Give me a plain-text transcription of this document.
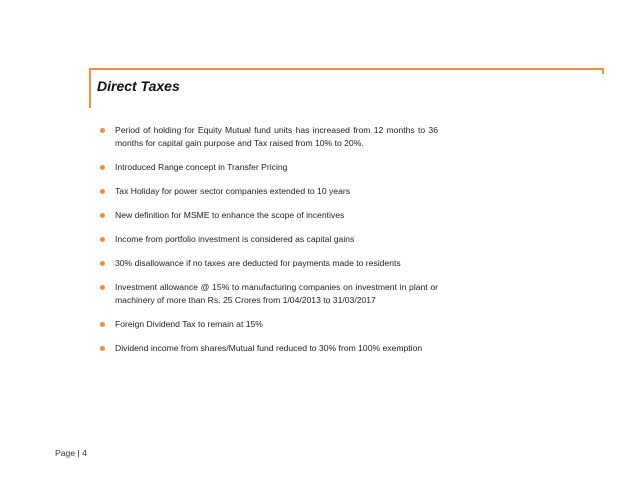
Direct Taxes
Period of holding for Equity Mutual fund units has increased from 12 months to 36 months for capital gain purpose and Tax raised from 10% to 20%.
Introduced Range concept in Transfer Pricing
Tax Holiday for power sector companies extended to 10 years
New definition for MSME to enhance the scope of incentives
Income from portfolio investment is considered as capital gains
30% disallowance if no taxes are deducted for payments made to residents
Investment allowance @ 15% to manufacturing companies on investment in plant or machinery of more than Rs. 25 Crores from 1/04/2013 to 31/03/2017
Foreign Dividend Tax to remain at 15%
Dividend income from shares/Mutual fund reduced to 30% from 100% exemption
Page | 4
